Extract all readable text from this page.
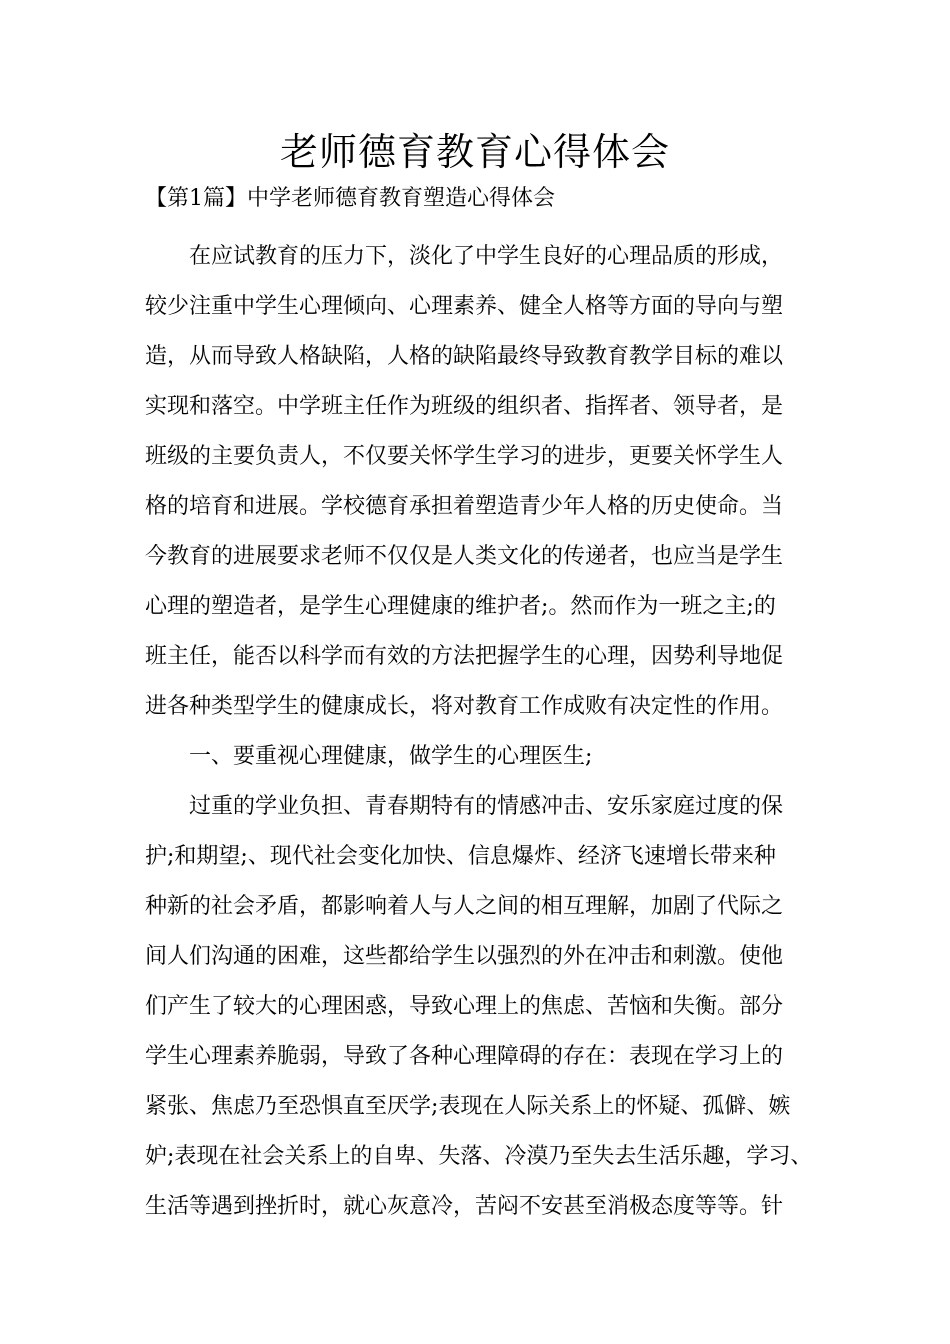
老师德育教育心得体会

【第1篇】中学老师德育教育塑造心得体会

在应试教育的压力下，淡化了中学生良好的心理品质的形成，
较少注重中学生心理倾向、心理素养、健全人格等方面的导向与塑
造，从而导致人格缺陷，人格的缺陷最终导致教育教学目标的难以
实现和落空。中学班主任作为班级的组织者、指挥者、领导者，是
班级的主要负责人，不仅要关怀学生学习的进步，更要关怀学生人
格的培育和进展。学校德育承担着塑造青少年人格的历史使命。当
今教育的进展要求老师不仅仅是人类文化的传递者，也应当是学生
心理的塑造者，是学生心理健康的维护者;。然而作为一班之主;的
班主任，能否以科学而有效的方法把握学生的心理，因势利导地促
进各种类型学生的健康成长，将对教育工作成败有决定性的作用。

一、要重视心理健康，做学生的心理医生;

过重的学业负担、青春期特有的情感冲击、安乐家庭过度的保
护;和期望;、现代社会变化加快、信息爆炸、经济飞速增长带来种
种新的社会矛盾，都影响着人与人之间的相互理解，加剧了代际之
间人们沟通的困难，这些都给学生以强烈的外在冲击和刺激。使他
们产生了较大的心理困惑，导致心理上的焦虑、苦恼和失衡。部分
学生心理素养脆弱，导致了各种心理障碍的存在：表现在学习上的
紧张、焦虑乃至恐惧直至厌学;表现在人际关系上的怀疑、孤僻、嫉
妒;表现在社会关系上的自卑、失落、冷漠乃至失去生活乐趣，学习、
生活等遇到挫折时，就心灰意冷，苦闷不安甚至消极态度等等。针
